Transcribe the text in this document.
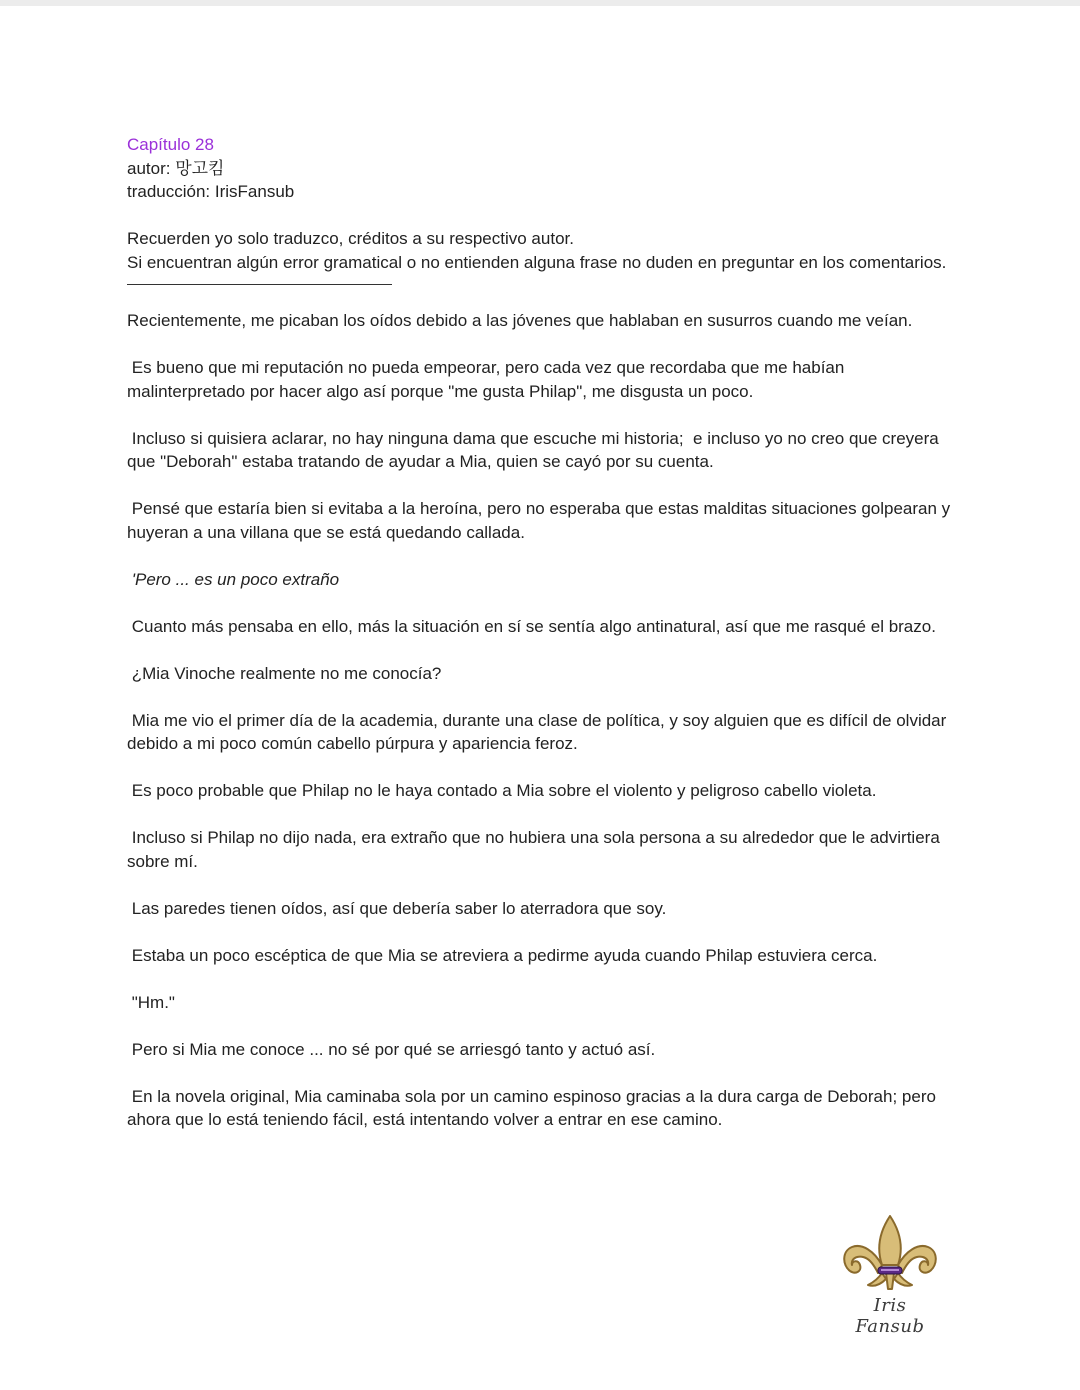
Capítulo 28

autor: 망고킴

traducción: IrisFansub

Recuerden yo solo traduzco, créditos a su respectivo autor.

Si encuentran algún error gramatical o no entienden alguna frase no duden en preguntar en los comentarios.

Recientemente, me picaban los oídos debido a las jóvenes que hablaban en susurros cuando me veían.

Es bueno que mi reputación no pueda empeorar, pero cada vez que recordaba que me habían malinterpretado por hacer algo así porque "me gusta Philap", me disgusta un poco.

Incluso si quisiera aclarar, no hay ninguna dama que escuche mi historia;  e incluso yo no creo que creyera que "Deborah" estaba tratando de ayudar a Mia, quien se cayó por su cuenta.

Pensé que estaría bien si evitaba a la heroína, pero no esperaba que estas malditas situaciones golpearan y huyeran a una villana que se está quedando callada.

'Pero ... es un poco extraño

Cuanto más pensaba en ello, más la situación en sí se sentía algo antinatural, así que me rasqué el brazo.

¿Mia Vinoche realmente no me conocía?

Mia me vio el primer día de la academia, durante una clase de política, y soy alguien que es difícil de olvidar debido a mi poco común cabello púrpura y apariencia feroz.

Es poco probable que Philap no le haya contado a Mia sobre el violento y peligroso cabello violeta.

Incluso si Philap no dijo nada, era extraño que no hubiera una sola persona a su alrededor que le advirtiera sobre mí.

Las paredes tienen oídos, así que debería saber lo aterradora que soy.

Estaba un poco escéptica de que Mia se atreviera a pedirme ayuda cuando Philap estuviera cerca.

"Hm."

Pero si Mia me conoce ... no sé por qué se arriesgó tanto y actuó así.

En la novela original, Mia caminaba sola por un camino espinoso gracias a la dura carga de Deborah; pero ahora que lo está teniendo fácil, está intentando volver a entrar en ese camino.

Iris Fansub
